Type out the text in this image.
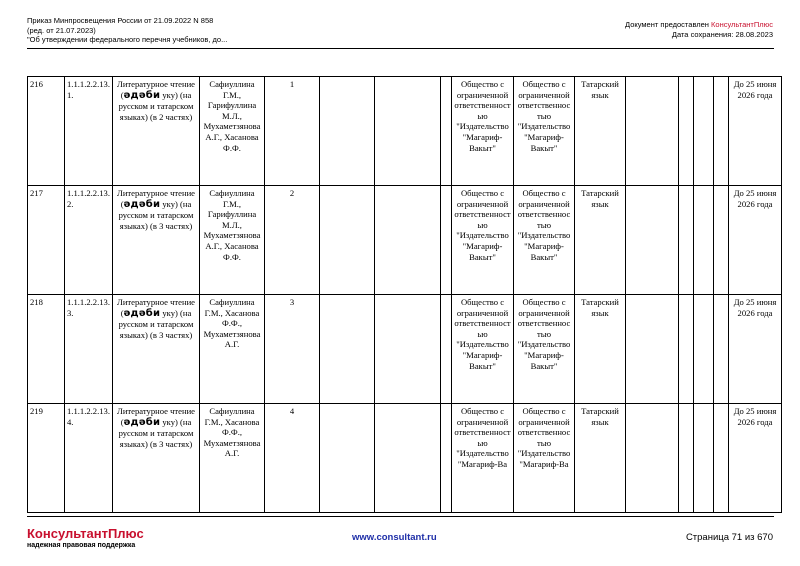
Приказ Минпросвещения России от 21.09.2022 N 858
(ред. от 21.07.2023)
"Об утверждении федерального перечня учебников, до...
Документ предоставлен КонсультантПлюс
Дата сохранения: 28.08.2023
216	1.1.1.2.2.13.1.	Литературное чтение (әдәби уку) (на русском и татарском языках) (в 2 частях)	Сафиуллина Г.М., Гарифуллина М.Л., Мухаметзянова А.Г., Хасанова Ф.Ф.	1				Общество с ограниченной ответственностью "Издательство "Магариф-Вакыт"	Общество с ограниченной ответственностью "Издательство "Магариф-Вакыт"	Татарский язык					До 25 июня 2026 года
217	1.1.1.2.2.13.2.	Литературное чтение (әдәби уку) (на русском и татарском языках) (в 3 частях)	Сафиуллина Г.М., Гарифуллина М.Л., Мухаметзянова А.Г., Хасанова Ф.Ф.	2				Общество с ограниченной ответственностью "Издательство "Магариф-Вакыт"	Общество с ограниченной ответственностью "Издательство "Магариф-Вакыт"	Татарский язык					До 25 июня 2026 года
218	1.1.1.2.2.13.3.	Литературное чтение (әдәби уку) (на русском и татарском языках) (в 3 частях)	Сафиуллина Г.М., Хасанова Ф.Ф., Мухаметзянова А.Г.	3				Общество с ограниченной ответственностью "Издательство "Магариф-Вакыт"	Общество с ограниченной ответственностью "Издательство "Магариф-Вакыт"	Татарский язык					До 25 июня 2026 года
219	1.1.1.2.2.13.4.	Литературное чтение (әдәби уку) (на русском и татарском языках) (в 3 частях)	Сафиуллина Г.М., Хасанова Ф.Ф., Мухаметзянова А.Г.	4				Общество с ограниченной ответственностью "Издательство "Магариф-Ва	Общество с ограниченной ответственностью "Издательство "Магариф-Ва	Татарский язык					До 25 июня 2026 года
КонсультантПлюс
надежная правовая поддержка
www.consultant.ru	Страница 71 из 670
